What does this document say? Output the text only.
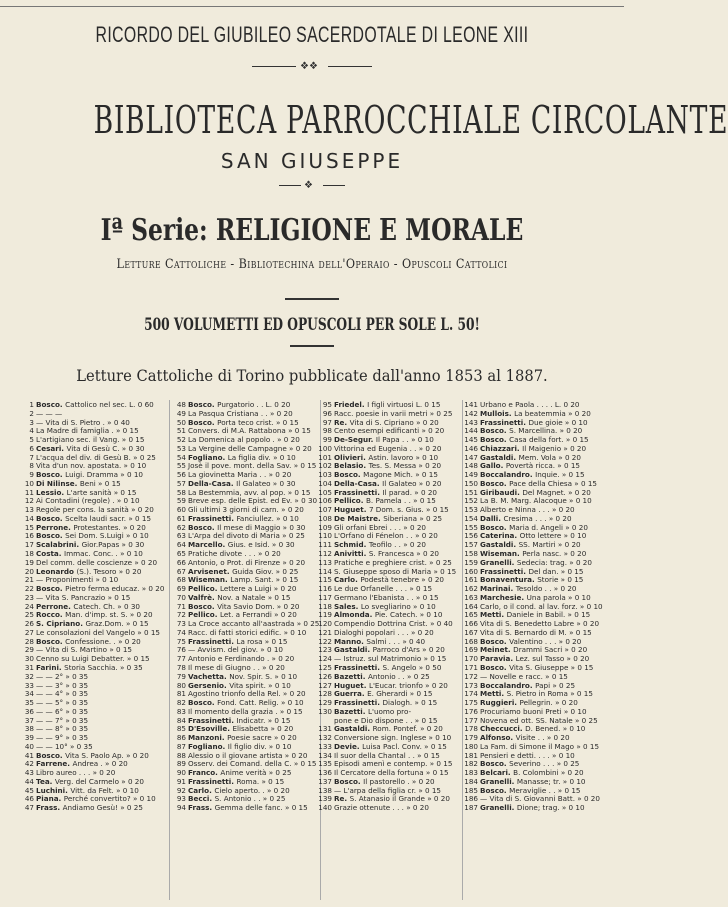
RICORDO DEL GIUBILEO SACERDOTALE DI LEONE XIII
❖❖
BIBLIOTECA PARROCCHIALE CIRCOLANTE
SAN GIUSEPPE
❖
Iª Serie: RELIGIONE E MORALE
Letture Cattoliche - Bibliotechina dell'Operaio - Opuscoli Cattolici
500 VOLUMETTI ED OPUSCOLI PER SOLE L. 50!
Letture Cattoliche di Torino pubblicate dall'anno 1853 al 1887.
1 Bosco. Cattolico nel sec. L. 0 60
2 — — —
3 — Vita di S. Pietro . » 0 40
4 La Madre di famiglia . » 0 15
5 L'artigiano sec. il Vang. » 0 15
6 Cesari. Vita di Gesù C. » 0 30
7 L'acqua del div. di Gesù B. » 0 25
8 Vita d'un nov. apostata. » 0 10
9 Bosco. Luigi. Dramma » 0 10
10 Di Nilinse. Beni » 0 15
11 Lessio. L'arte sanità » 0 15
12 Ai Contadini (regole) . » 0 10
13 Regole per cons. la sanità » 0 20
14 Bosco. Scelta laudi sacr. » 0 15
15 Perrone. Protestantes. » 0 20
16 Bosco. Sei Dom. S.Luigi » 0 10
17 Scalabrini. Gior.Papas » 0 30
18 Costa. Immac. Conc. . » 0 10
19 Del comm. delle coscienze » 0 20
20 Leonardo (S.). Tesoro » 0 20
21 — Proponimenti » 0 10
22 Bosco. Pietro ferma educaz. » 0 20
23 — Vita S. Pancrazio » 0 15
24 Perrone. Catech. Ch. » 0 30
25 Rocco. Man. d'imp. st. S. » 0 20
26 S. Cipriano. Graz.Dom. » 0 15
27 Le consolazioni del Vangelo » 0 15
28 Bosco. Confessione. . » 0 20
29 — Vita di S. Martino » 0 15
30 Cenno su Luigi Debatter. » 0 15
31 Farini. Storia Sacchia. » 0 35
32 — — 2° » 0 35
33 — — 3° » 0 35
34 — — 4° » 0 35
35 — — 5° » 0 35
36 — — 6° » 0 35
37 — — 7° » 0 35
38 — — 8° » 0 35
39 — — 9° » 0 35
40 — — 10° » 0 35
41 Bosco. Vita S. Paolo Ap. » 0 20
42 Farrene. Andrea . » 0 20
43 Libro aureo . . . » 0 20
44 Tea. Verg. del Carmelo » 0 20
45 Luchini. Vitt. da Felt. » 0 10
46 Piana. Perché convertito? » 0 10
47 Frass. Andiamo Gesù! » 0 25
48 Bosco. Purgatorio . . L. 0 20
49 La Pasqua Cristiana . . » 0 20
50 Bosco. Porta teco crist. » 0 15
51 Convers. di M.A. Rattabona » 0 15
52 La Domenica al popolo . » 0 20
53 La Vergine delle Campagne » 0 20
54 Fogliano. La figlia div. » 0 10
55 Josè il pove. mont. della Sav. » 0 15
56 La giovinetta Maria . . » 0 20
57 Della-Casa. Il Galateo » 0 30
58 La Bestemmia, avv. al pop. » 0 15
59 Breve esp. delle Epist. ed Ev. » 0 30
60 Gli ultimi 3 giorni di carn. » 0 20
61 Frassinetti. Fanciullez. » 0 10
62 Bosco. Il mese di Maggio » 0 30
63 L'Arpa del divoto di Maria » 0 25
64 Marcello. Gius. e Isid. » 0 30
65 Pratiche divote . . . » 0 20
66 Antonio, o Prot. di Firenze » 0 20
67 Arvisenet. Guida Giov. » 0 25
68 Wiseman. Lamp. Sant. » 0 15
69 Pellico. Lettere a Luigi » 0 20
70 Valfrè. Nov. a Natale » 0 15
71 Bosco. Vita Savio Dom. » 0 20
72 Pellico. Let. a Ferrandi » 0 20
73 La Croce accanto all'aastrada » 0 25
74 Racc. di fatti storici edific. » 0 10
75 Frassinetti. La rosa » 0 15
76 — Avvism. del giov. » 0 10
77 Antonio e Ferdinando . » 0 20
78 Il mese di Giugno . . » 0 20
79 Vachetta. Nov. Spir. S. » 0 10
80 Gersenio. Vita spirit. » 0 10
81 Agostino trionfo della Rel. » 0 20
82 Bosco. Fond. Catt. Relig. » 0 10
83 Il momento della grazia . » 0 15
84 Frassinetti. Indicatr. » 0 15
85 D'Esoville. Elisabetta » 0 20
86 Manzoni. Poesie sacre » 0 20
87 Fogliano. Il figlio div. » 0 10
88 Alessio o il giovane artista » 0 20
89 Osserv. dei Comand. della C. » 0 15
90 Franco. Anime verità » 0 25
91 Frassinetti. Roma. » 0 15
92 Carlo. Cielo aperto. . » 0 20
93 Becci. S. Antonio . . » 0 25
94 Frass. Gemma delle fanc. » 0 15
95 Friedel. I figli virtuosi L. 0 15
96 Racc. poesie in varii metri » 0 25
97 Re. Vita di S. Cipriano » 0 20
98 Cento esempi edificanti » 0 20
99 De-Segur. Il Papa . . » 0 10
100 Vittorina ed Eugenia . . » 0 20
101 Olivieri. Astin. lavoro » 0 10
102 Belasio. Tes. S. Messa » 0 20
103 Bosco. Magone Mich. » 0 15
104 Della-Casa. Il Galateo » 0 20
105 Frassinetti. Il parad. » 0 20
106 Pellico. B. Pamela . . » 0 15
107 Huguet. 7 Dom. s. Gius. » 0 15
108 De Maistre. Siberiana » 0 25
109 Gli orfani Ebrei . . . » 0 20
110 L'Orfano di Fénelon . . » 0 20
111 Schmid. Teofilo . . » 0 20
112 Anivitti. S. Francesca » 0 20
113 Pratiche e preghiere crist. » 0 25
114 S. Giuseppe sposo di Maria » 0 15
115 Carlo. Podestà tenebre » 0 20
116 Le due Orfanelle . . . » 0 15
117 Germano l'Ebanista . . » 0 15
118 Sales. Lo svegliarino » 0 10
119 Almonda. Pie. Catech. » 0 10
120 Compendio Dottrina Crist. » 0 40
121 Dialoghi popolari . . . » 0 20
122 Manno. Salmi . . . » 0 40
123 Gastaldi. Parroco d'Ars » 0 20
124 — Istruz. sul Matrimonio » 0 15
125 Frassinetti. S. Angelo » 0 50
126 Bazetti. Antonio . . » 0 25
127 Huguet. L'Eucar. trionfo » 0 20
128 Guerra. E. Gherardi » 0 15
129 Frassinetti. Dialogh. » 0 15
130 Bazetti. L'uomo pro-
pone e Dio dispone . . » 0 15
131 Gastaldi. Rom. Pontef. » 0 20
132 Conversione sign. Inglese » 0 10
133 Devie. Luisa Pacl. Conv. » 0 15
134 Il suor della Chantal . . » 0 15
135 Episodi amenì e contemp. » 0 15
136 Il Cercatore della fortuna » 0 15
137 Bosco. Il pastorello . » 0 20
138 — L'arpa della figlia cr. » 0 15
139 Re. S. Atanasio il Grande » 0 20
140 Grazie ottenute . . . » 0 20
141 Urbano e Paola . . . . L. 0 20
142 Mullois. La beatemmia » 0 20
143 Frassinetti. Due gioie » 0 10
144 Bosco. S. Marcellina. » 0 20
145 Bosco. Casa della fort. » 0 15
146 Chiazzari. Il Maigenio » 0 20
147 Gastaldi. Mem. Vola » 0 20
148 Gallo. Povertà ricca. » 0 15
149 Boccalandro. Inquie. » 0 15
150 Bosco. Pace della Chiesa » 0 15
151 Giribaudi. Del Magnet. » 0 20
152 La B. M. Marg. Alacoque » 0 10
153 Alberto e Ninna . . . » 0 20
154 Dalli. Cresima . . . » 0 20
155 Bosco. Maria d. Angeli » 0 20
156 Caterina. Otto lettere » 0 10
157 Gastaldi. SS. Martiri » 0 20
158 Wiseman. Perla nasc. » 0 20
159 Granelli. Sedecia: trag. » 0 20
160 Frassinetti. Del dan. » 0 15
161 Bonaventura. Storie » 0 15
162 Marinai. Tesoldo . . » 0 20
163 Marchesie. Una parola » 0 10
164 Carlo, o il cond. al lav. forz. » 0 10
165 Metti. Daniele in Babil. » 0 15
166 Vita di S. Benedetto Labre » 0 20
167 Vita di S. Bernardo di M. » 0 15
168 Bosco. Valentino . . . » 0 20
169 Meinet. Drammi Sacri » 0 20
170 Paravia. Lez. sul Tasso » 0 20
171 Bosco. Vita S. Giuseppe » 0 15
172 — Novelle e racc. » 0 15
173 Boccalandro. Papi » 0 25
174 Metti. S. Pietro in Roma » 0 15
175 Ruggieri. Pellegrin. » 0 20
176 Procuriamo buoni Preti » 0 10
177 Novena ed ott. SS. Natale » 0 25
178 Checcucci. D. Bened. » 0 10
179 Alfonso. Visite . . » 0 20
180 La Fam. di Simone il Mago » 0 15
181 Pensieri e detti. . . . » 0 10
182 Bosco. Severino . . . » 0 25
183 Belcari. B. Colombini » 0 20
184 Granelli. Manasse; tr. » 0 10
185 Bosco. Meraviglie . . » 0 15
186 — Vita di S. Giovanni Batt. » 0 20
187 Granelli. Dione; trag. » 0 10
